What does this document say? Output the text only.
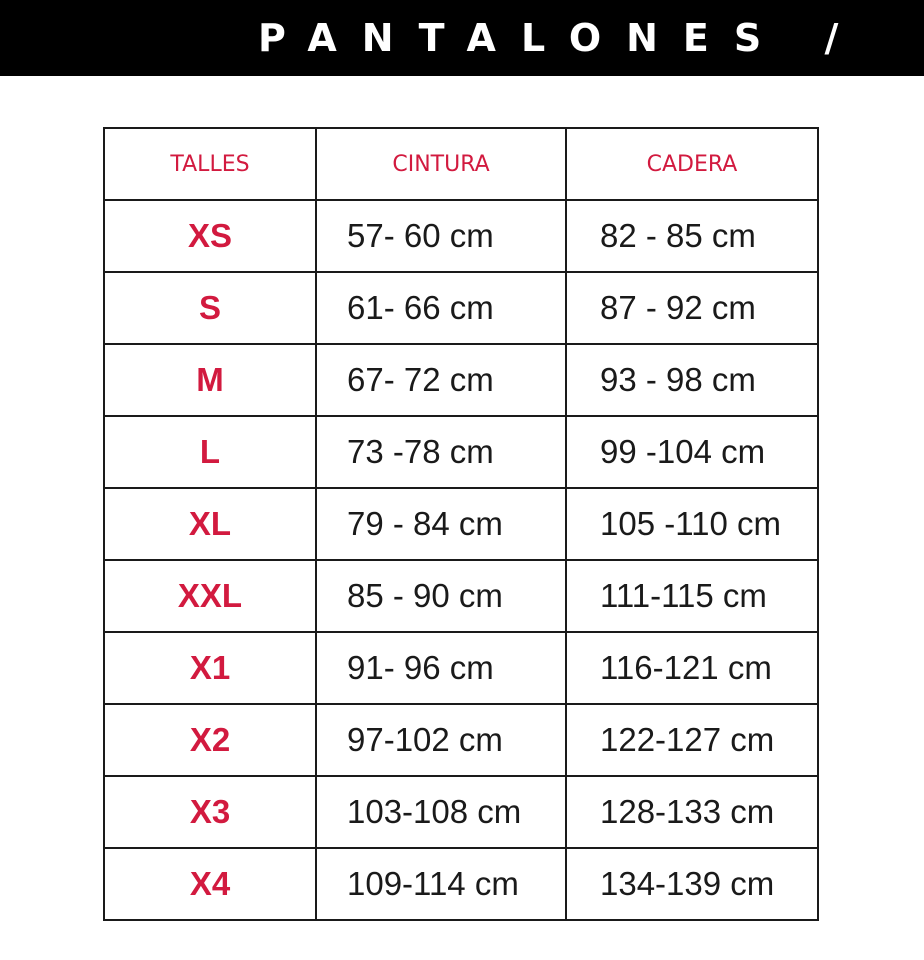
PANTALONES /
TALLES	CINTURA	CADERA
XS	57- 60 cm	82 - 85 cm
S	61- 66 cm	87 - 92 cm
M	67- 72 cm	93 - 98 cm
L	73 -78 cm	99 -104 cm
XL	79 - 84 cm	105 -110 cm
XXL	85 - 90 cm	111-115 cm
X1	91- 96 cm	116-121 cm
X2	97-102 cm	122-127 cm
X3	103-108 cm	128-133 cm
X4	109-114 cm	134-139 cm
